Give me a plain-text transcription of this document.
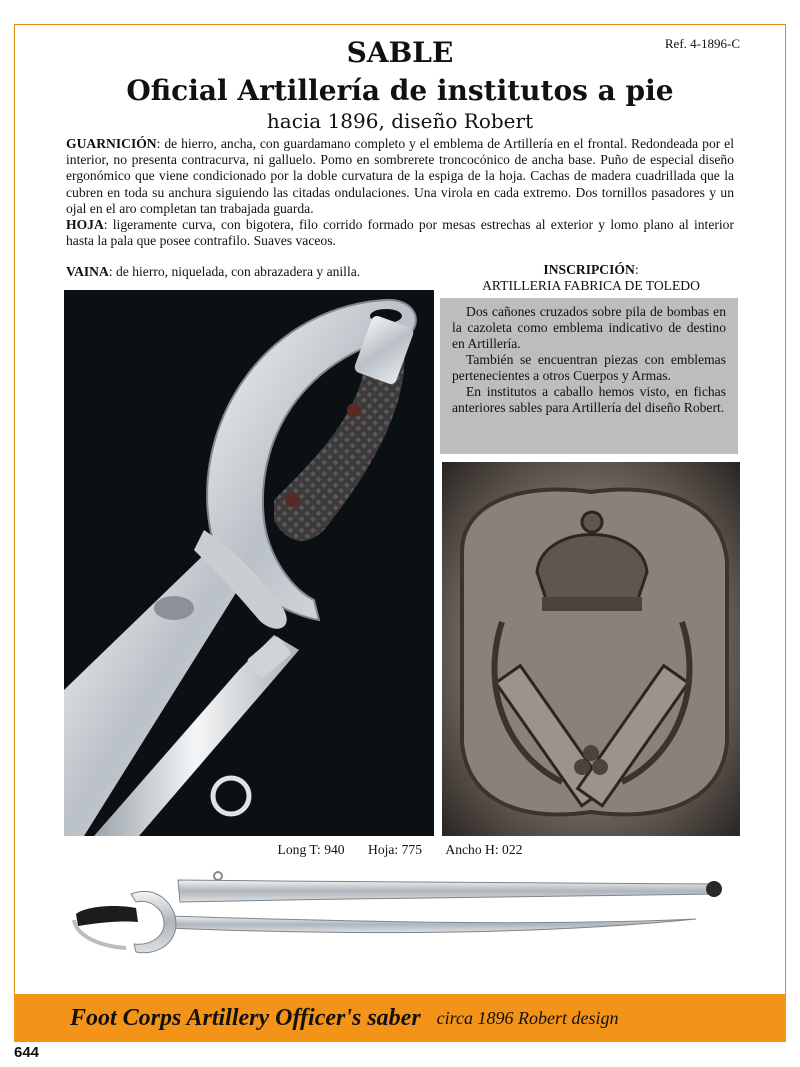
Ref. 4-1896-C
SABLE
Oficial Artillería de institutos a pie
hacia 1896, diseño Robert

GUARNICIÓN: de hierro, ancha, con guardamano completo y el emblema de Artillería en el frontal. Redondeada por el interior, no presenta contracurva, ni galluelo. Pomo en sombrerete troncocónico de ancha base. Puño de especial diseño ergonómico que viene condicionado por la doble curvatura de la espiga de la hoja. Cachas de madera cuadrillada que la cubren en toda su anchura siguiendo las citadas ondulaciones. Una virola en cada extremo. Dos tornillos pasadores y un ojal en el aro completan tan trabajada guarda.

HOJA: ligeramente curva, con bigotera, filo corrido formado por mesas estrechas al exterior y lomo plano al interior hasta la pala que posee contrafilo. Suaves vaceos.

VAINA: de hierro, niquelada, con abrazadera y anilla.	INSCRIPCIÓN:
ARTILLERIA FABRICA DE TOLEDO

Dos cañones cruzados sobre pila de bombas en la cazoleta como emblema indicativo de destino en Artillería.

También se encuentran piezas con emblemas pertenecientes a otros Cuerpos y Armas.

En institutos a caballo hemos visto, en fichas anteriores sables para Artillería del diseño Robert.

Long T: 940 Hoja: 775 Ancho H: 022
Foot Corps Artillery Officer's saber circa 1896 Robert design
644
